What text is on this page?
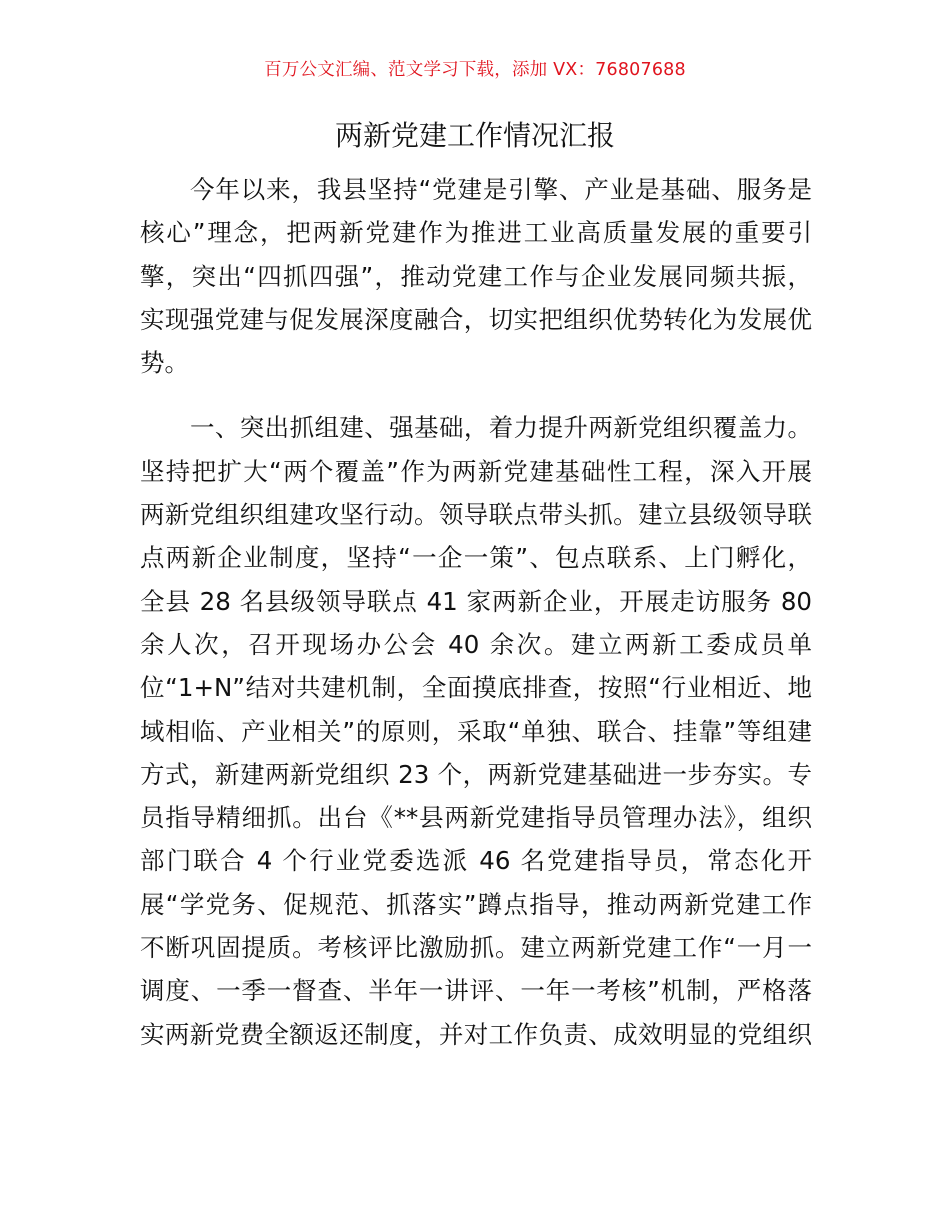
百万公文汇编、范文学习下载，添加 VX：76807688
两新党建工作情况汇报
今年以来，我县坚持“党建是引擎、产业是基础、服务是
核心”理念，把两新党建作为推进工业高质量发展的重要引
擎，突出“四抓四强”，推动党建工作与企业发展同频共振，
实现强党建与促发展深度融合，切实把组织优势转化为发展优
势。
一、突出抓组建、强基础，着力提升两新党组织覆盖力。
坚持把扩大“两个覆盖”作为两新党建基础性工程，深入开展
两新党组织组建攻坚行动。领导联点带头抓。建立县级领导联
点两新企业制度，坚持“一企一策”、包点联系、上门孵化，
全县 28 名县级领导联点 41 家两新企业，开展走访服务 80
余人次，召开现场办公会 40 余次。建立两新工委成员单
位“1+N”结对共建机制，全面摸底排查，按照“行业相近、地
域相临、产业相关”的原则，采取“单独、联合、挂靠”等组建
方式，新建两新党组织 23 个，两新党建基础进一步夯实。专
员指导精细抓。出台《**县两新党建指导员管理办法》，组织
部门联合 4 个行业党委选派 46 名党建指导员，常态化开
展“学党务、促规范、抓落实”蹲点指导，推动两新党建工作
不断巩固提质。考核评比激励抓。建立两新党建工作“一月一
调度、一季一督查、半年一讲评、一年一考核”机制，严格落
实两新党费全额返还制度，并对工作负责、成效明显的党组织
